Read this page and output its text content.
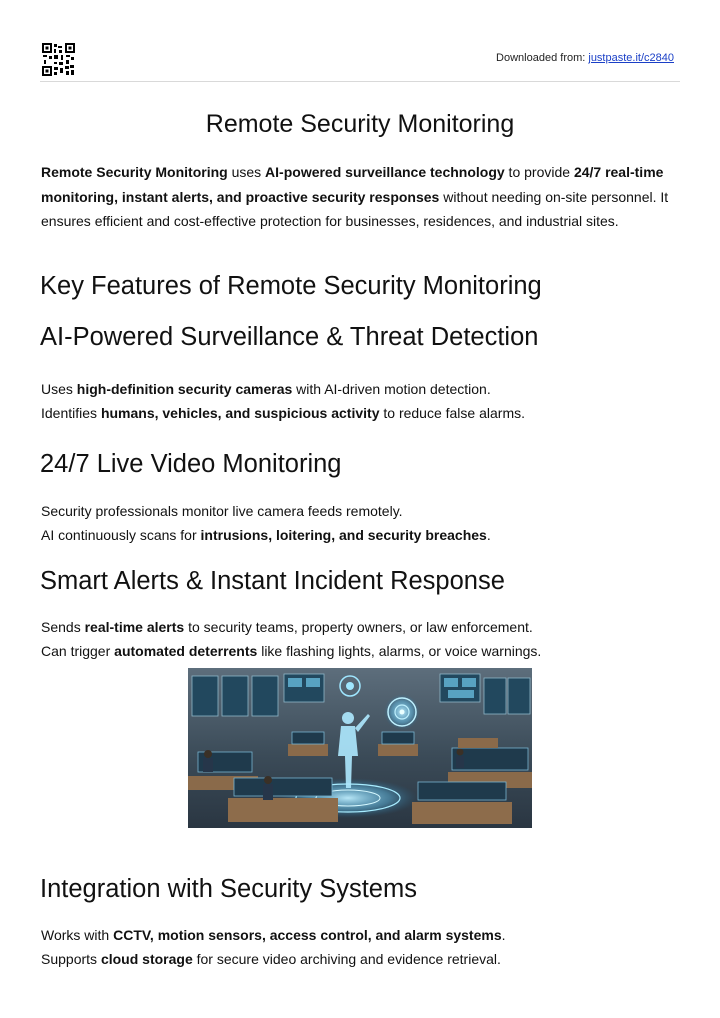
Downloaded from: justpaste.it/c2840
Remote Security Monitoring
Remote Security Monitoring uses AI-powered surveillance technology to provide 24/7 real-time monitoring, instant alerts, and proactive security responses without needing on-site personnel. It ensures efficient and cost-effective protection for businesses, residences, and industrial sites.
Key Features of Remote Security Monitoring
AI-Powered Surveillance & Threat Detection
Uses high-definition security cameras with AI-driven motion detection.
Identifies humans, vehicles, and suspicious activity to reduce false alarms.
24/7 Live Video Monitoring
Security professionals monitor live camera feeds remotely.
AI continuously scans for intrusions, loitering, and security breaches.
Smart Alerts & Instant Incident Response
Sends real-time alerts to security teams, property owners, or law enforcement.
Can trigger automated deterrents like flashing lights, alarms, or voice warnings.
Integration with Security Systems
Works with CCTV, motion sensors, access control, and alarm systems.
Supports cloud storage for secure video archiving and evidence retrieval.
